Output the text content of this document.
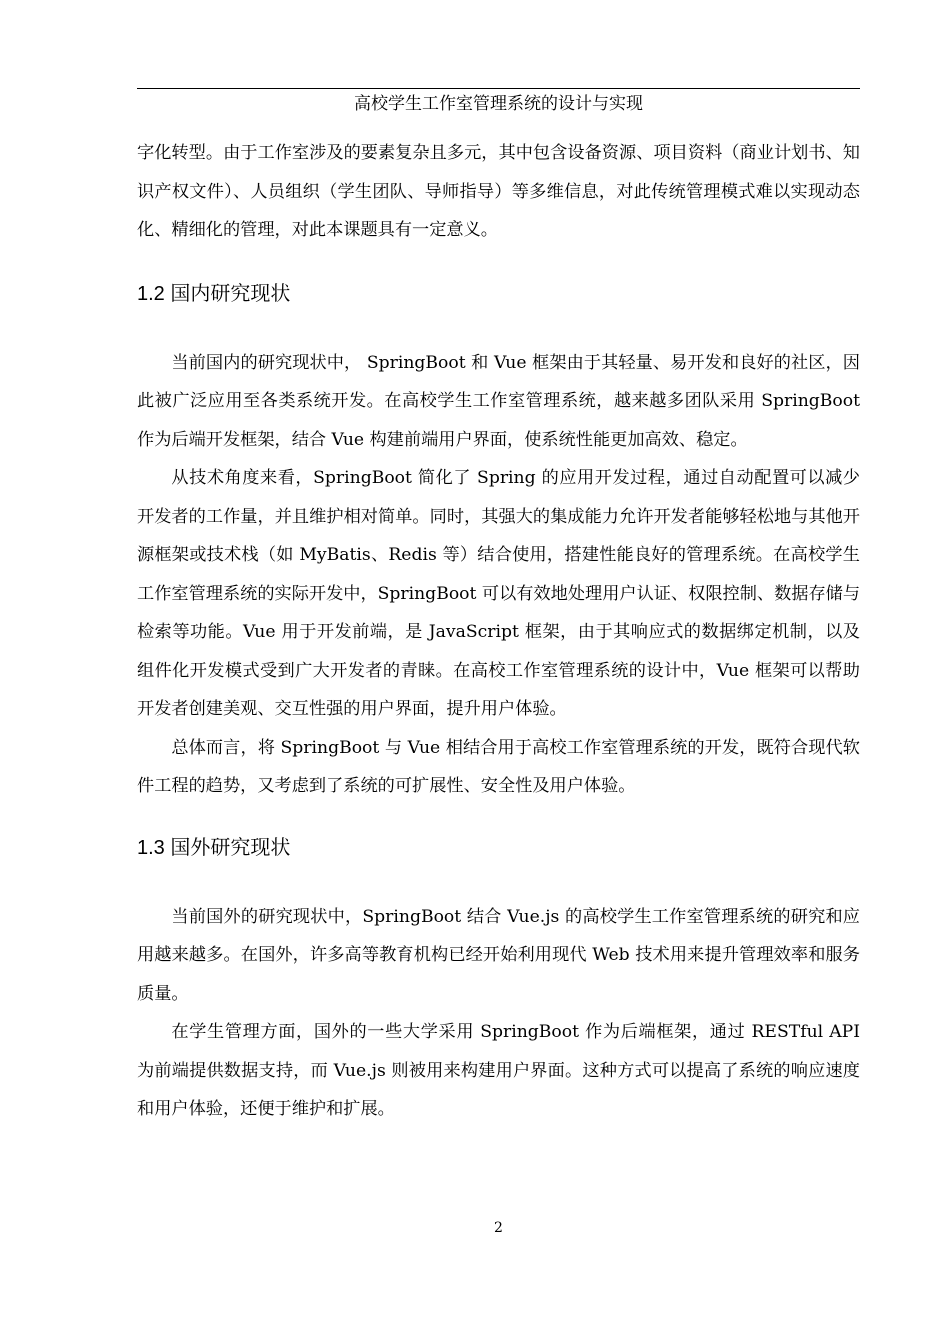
高校学生工作室管理系统的设计与实现

字化转型。由于工作室涉及的要素复杂且多元，其中包含设备资源、项目资料（商业计划书、知识产权文件）、人员组织（学生团队、导师指导）等多维信息，对此传统管理模式难以实现动态化、精细化的管理，对此本课题具有一定意义。

1.2 国内研究现状

当前国内的研究现状中， SpringBoot 和 Vue 框架由于其轻量、易开发和良好的社区，因此被广泛应用至各类系统开发。在高校学生工作室管理系统，越来越多团队采用 SpringBoot 作为后端开发框架，结合 Vue 构建前端用户界面，使系统性能更加高效、稳定。

从技术角度来看，SpringBoot 简化了 Spring 的应用开发过程，通过自动配置可以减少开发者的工作量，并且维护相对简单。同时，其强大的集成能力允许开发者能够轻松地与其他开源框架或技术栈（如 MyBatis、Redis 等）结合使用，搭建性能良好的管理系统。在高校学生工作室管理系统的实际开发中，SpringBoot 可以有效地处理用户认证、权限控制、数据存储与检索等功能。Vue 用于开发前端，是 JavaScript 框架，由于其响应式的数据绑定机制，以及组件化开发模式受到广大开发者的青睐。在高校工作室管理系统的设计中，Vue 框架可以帮助开发者创建美观、交互性强的用户界面，提升用户体验。

总体而言，将 SpringBoot 与 Vue 相结合用于高校工作室管理系统的开发，既符合现代软件工程的趋势，又考虑到了系统的可扩展性、安全性及用户体验。

1.3 国外研究现状

当前国外的研究现状中，SpringBoot 结合 Vue.js 的高校学生工作室管理系统的研究和应用越来越多。在国外，许多高等教育机构已经开始利用现代 Web 技术用来提升管理效率和服务质量。

在学生管理方面，国外的一些大学采用 SpringBoot 作为后端框架，通过 RESTful API 为前端提供数据支持，而 Vue.js 则被用来构建用户界面。这种方式可以提高了系统的响应速度和用户体验，还便于维护和扩展。

2
